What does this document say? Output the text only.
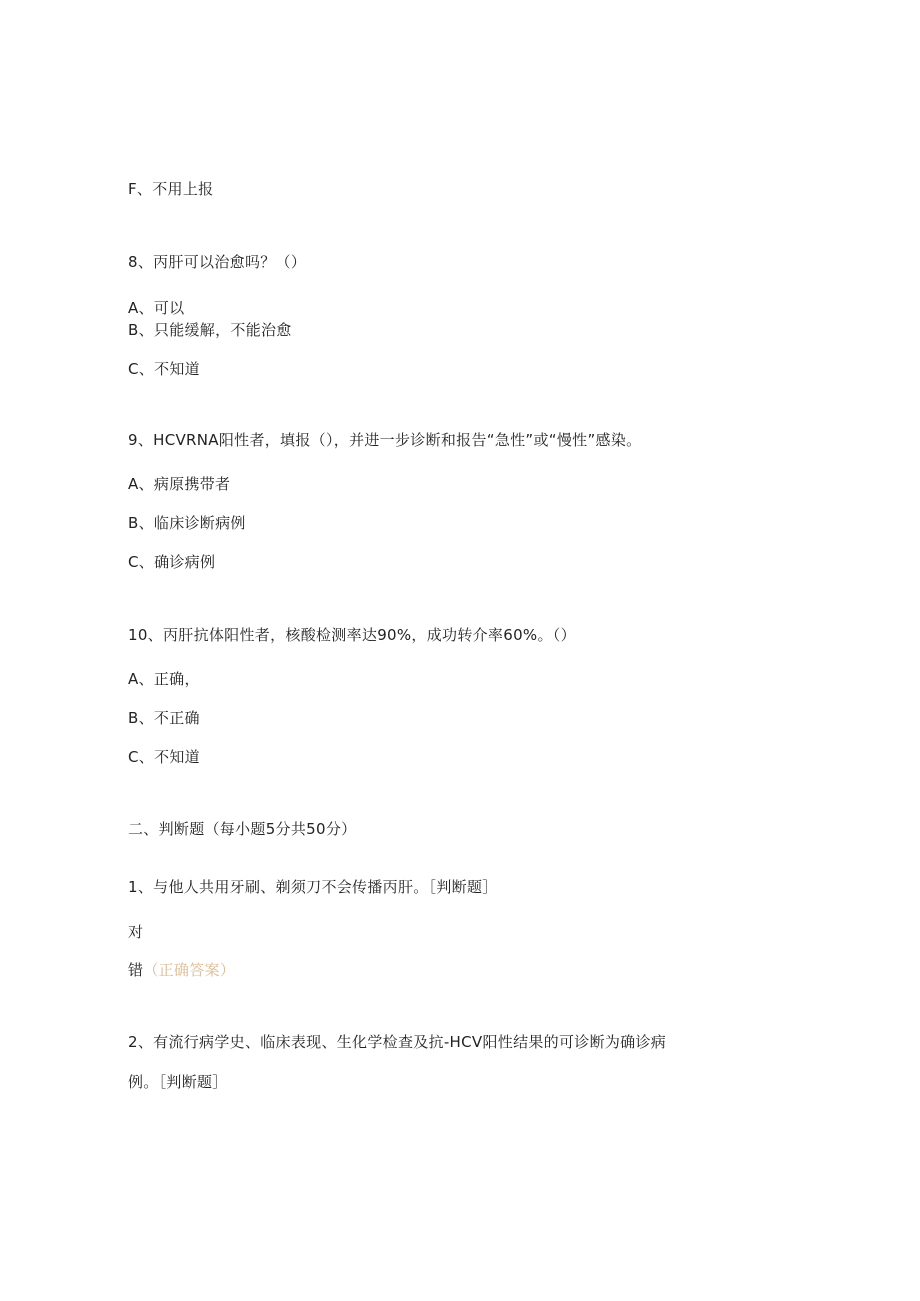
F、不用上报
8、丙肝可以治愈吗？（）
A、可以
B、只能缓解，不能治愈
C、不知道
9、HCVRNA阳性者，填报（），并进一步诊断和报告“急性”或“慢性”感染。
A、病原携带者
B、临床诊断病例
C、确诊病例
10、丙肝抗体阳性者，核酸检测率达90%，成功转介率60%。（）
A、正确，
B、不正确
C、不知道
二、判断题（每小题5分共50分）
1、与他人共用牙刷、剃须刀不会传播丙肝。［判断题］
对
错（正确答案）
2、有流行病学史、临床表现、生化学检查及抗-HCV阳性结果的可诊断为确诊病
例。［判断题］
